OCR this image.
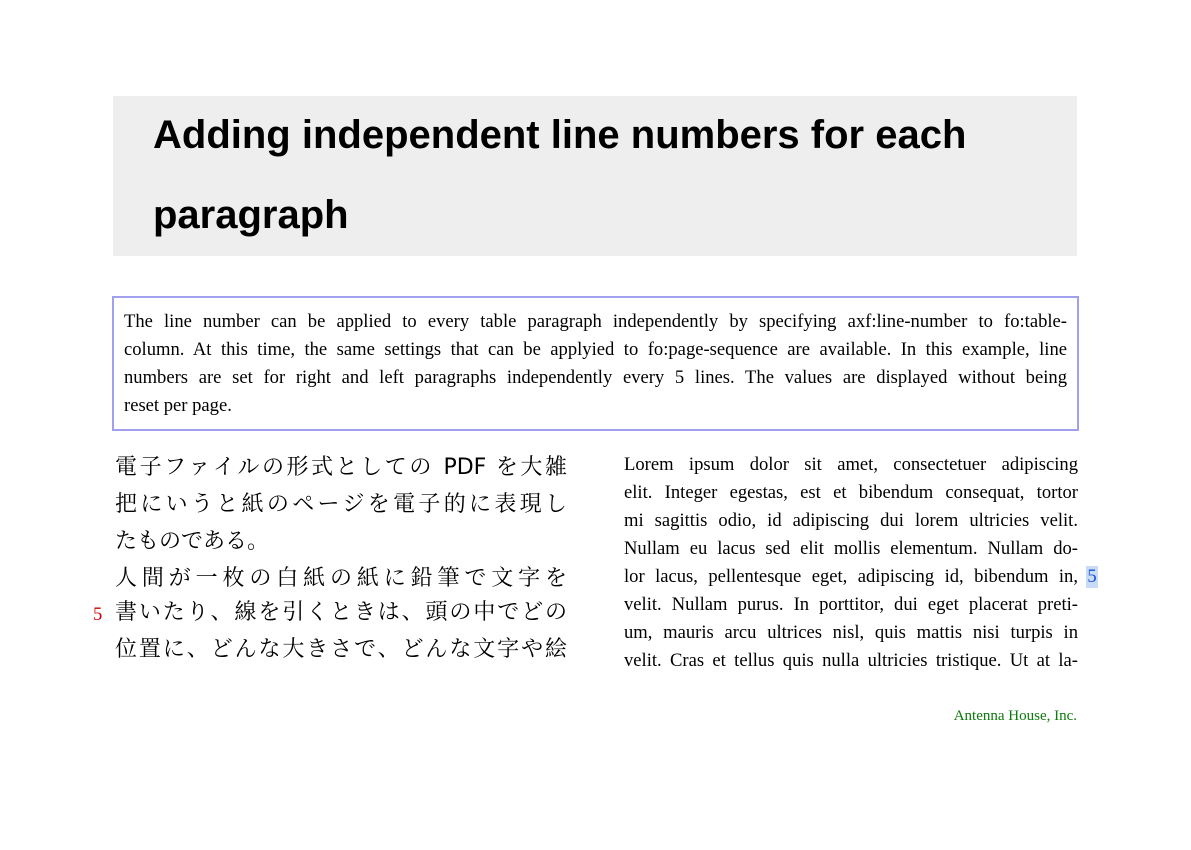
Adding independent line numbers for each
paragraph
The line number can be applied to every table paragraph independently by specifying axf:line-number to fo:table-
column. At this time, the same settings that can be applyied to fo:page-sequence are available. In this example, line
numbers are set for right and left paragraphs independently every 5 lines. The values are displayed without being
reset per page.
電子ファイルの形式としての PDF を大雑
把にいうと紙のページを電子的に表現し
たものである。
人間が一枚の白紙の紙に鉛筆で文字を
書いたり、線を引くときは、頭の中でどの
位置に、どんな大きさで、どんな文字や絵
5
Lorem ipsum dolor sit amet, consectetuer adipiscing
elit. Integer egestas, est et bibendum consequat, tortor
mi sagittis odio, id adipiscing dui lorem ultricies velit.
Nullam eu lacus sed elit mollis elementum. Nullam do-
lor lacus, pellentesque eget, adipiscing id, bibendum in,
velit. Nullam purus. In porttitor, dui eget placerat preti-
um, mauris arcu ultrices nisl, quis mattis nisi turpis in
velit. Cras et tellus quis nulla ultricies tristique. Ut at la-
5
Antenna House, Inc.
